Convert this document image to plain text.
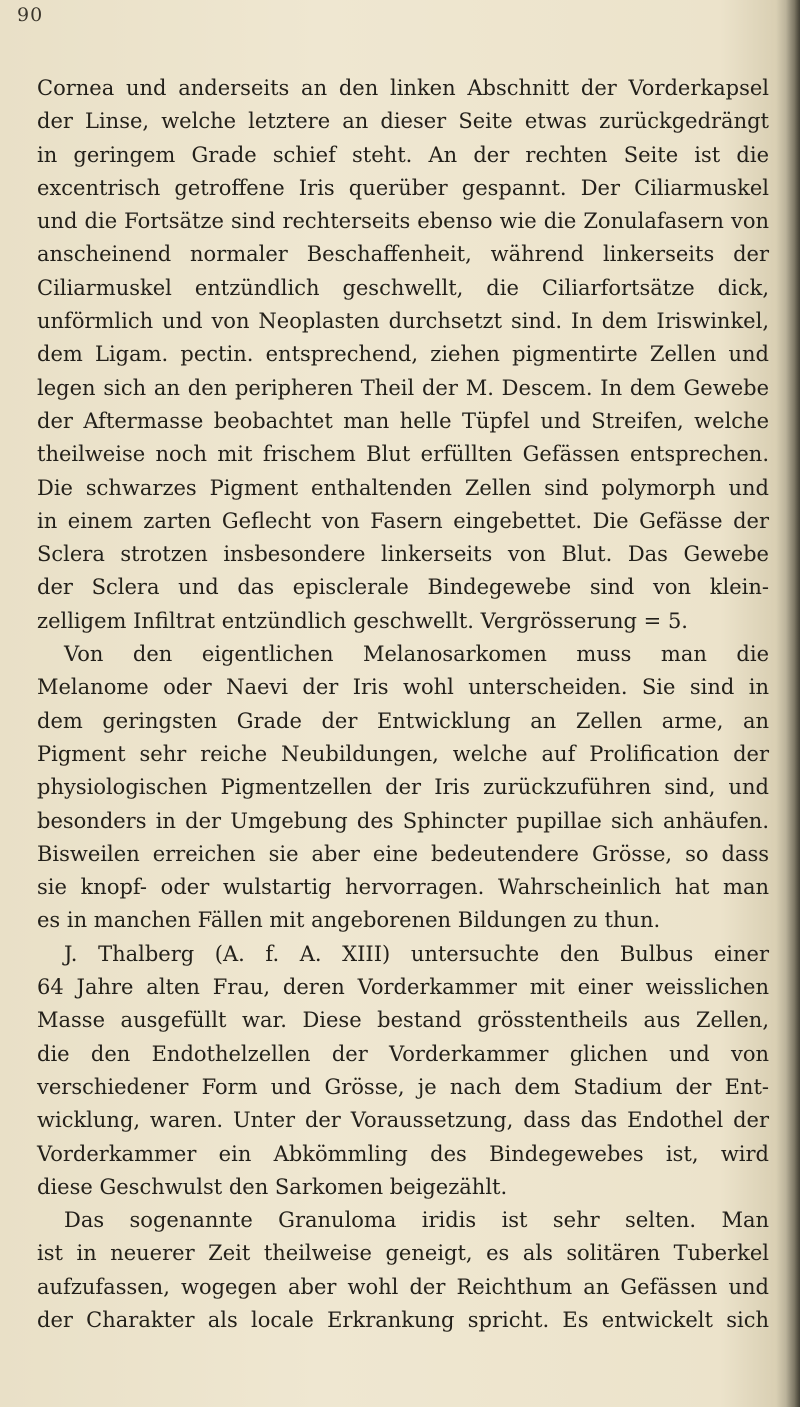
90
Cornea und anderseits an den linken Abschnitt der Vorderkapsel
der Linse, welche letztere an dieser Seite etwas zurückgedrängt
in geringem Grade schief steht. An der rechten Seite ist die
excentrisch getroffene Iris querüber gespannt. Der Ciliarmuskel
und die Fortsätze sind rechterseits ebenso wie die Zonulafasern von
anscheinend normaler Beschaffenheit, während linkerseits der
Ciliarmuskel entzündlich geschwellt, die Ciliarfortsätze dick,
unförmlich und von Neoplasten durchsetzt sind. In dem Iriswinkel,
dem Ligam. pectin. entsprechend, ziehen pigmentirte Zellen und
legen sich an den peripheren Theil der M. Descem. In dem Gewebe
der Aftermasse beobachtet man helle Tüpfel und Streifen, welche
theilweise noch mit frischem Blut erfüllten Gefässen entsprechen.
Die schwarzes Pigment enthaltenden Zellen sind polymorph und
in einem zarten Geflecht von Fasern eingebettet. Die Gefässe der
Sclera strotzen insbesondere linkerseits von Blut. Das Gewebe
der Sclera und das episclerale Bindegewebe sind von klein-
zelligem Infiltrat entzündlich geschwellt. Vergrösserung = 5.
Von den eigentlichen Melanosarkomen muss man die
Melanome oder Naevi der Iris wohl unterscheiden. Sie sind in
dem geringsten Grade der Entwicklung an Zellen arme, an
Pigment sehr reiche Neubildungen, welche auf Prolification der
physiologischen Pigmentzellen der Iris zurückzuführen sind, und
besonders in der Umgebung des Sphincter pupillae sich anhäufen.
Bisweilen erreichen sie aber eine bedeutendere Grösse, so dass
sie knopf- oder wulstartig hervorragen. Wahrscheinlich hat man
es in manchen Fällen mit angeborenen Bildungen zu thun.
J. Thalberg (A. f. A. XIII) untersuchte den Bulbus einer
64 Jahre alten Frau, deren Vorderkammer mit einer weisslichen
Masse ausgefüllt war. Diese bestand grösstentheils aus Zellen,
die den Endothelzellen der Vorderkammer glichen und von
verschiedener Form und Grösse, je nach dem Stadium der Ent-
wicklung, waren. Unter der Voraussetzung, dass das Endothel der
Vorderkammer ein Abkömmling des Bindegewebes ist, wird
diese Geschwulst den Sarkomen beigezählt.
Das sogenannte Granuloma iridis ist sehr selten. Man
ist in neuerer Zeit theilweise geneigt, es als solitären Tuberkel
aufzufassen, wogegen aber wohl der Reichthum an Gefässen und
der Charakter als locale Erkrankung spricht. Es entwickelt sich
